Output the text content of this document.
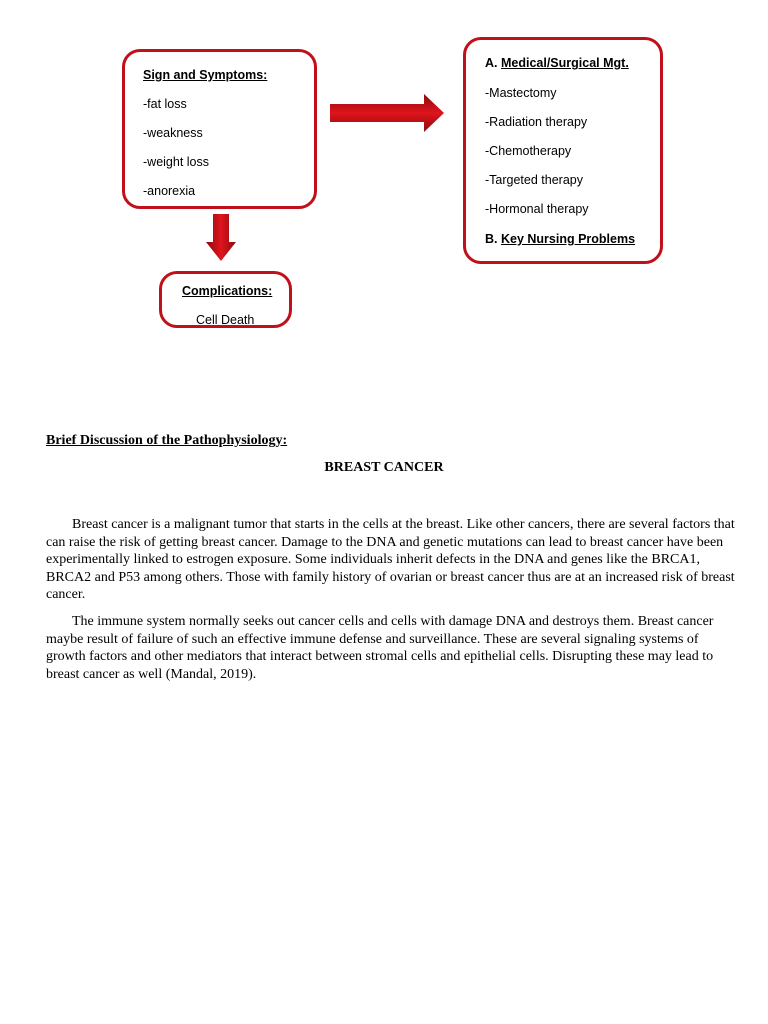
Sign and Symptoms:
-fat loss
-weakness
-weight loss
-anorexia
A. Medical/Surgical Mgt.
-Mastectomy
-Radiation therapy
-Chemotherapy
-Targeted therapy
-Hormonal therapy
B. Key Nursing Problems
Complications:
Cell Death
Brief Discussion of the Pathophysiology:
BREAST CANCER
Breast cancer is a malignant tumor that starts in the cells at the breast. Like other cancers, there are several factors that can raise the risk of getting breast cancer. Damage to the DNA and genetic mutations can lead to breast cancer have been experimentally linked to estrogen exposure. Some individuals inherit defects in the DNA and genes like the BRCA1, BRCA2 and P53 among others. Those with family history of ovarian or breast cancer thus are at an increased risk of breast cancer.
The immune system normally seeks out cancer cells and cells with damage DNA and destroys them. Breast cancer maybe result of failure of such an effective immune defense and surveillance. These are several signaling systems of growth factors and other mediators that interact between stromal cells and epithelial cells. Disrupting these may lead to breast cancer as well (Mandal, 2019).
